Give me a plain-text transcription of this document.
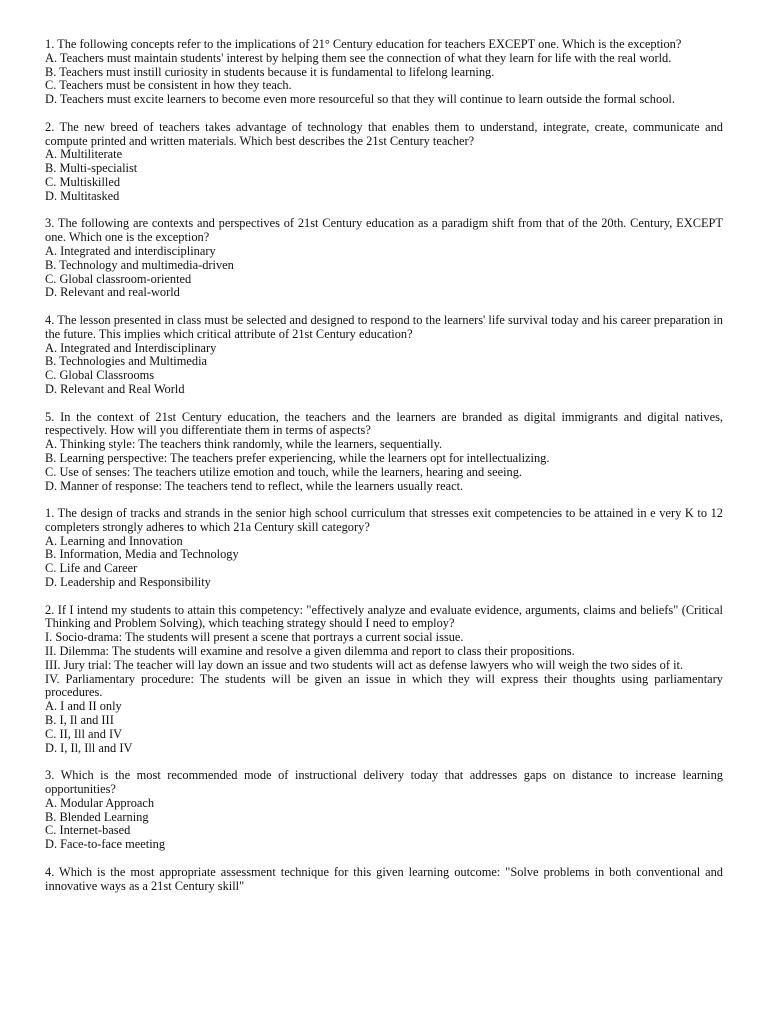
1. The following concepts refer to the implications of 21° Century education for teachers EXCEPT one. Which is the exception?
A. Teachers must maintain students' interest by helping them see the connection of what they learn for life with the real world.
B. Teachers must instill curiosity in students because it is fundamental to lifelong learning.
C. Teachers must be consistent in how they teach.
D. Teachers must excite learners to become even more resourceful so that they will continue to learn outside the formal school.
2. The new breed of teachers takes advantage of technology that enables them to understand, integrate, create, communicate and compute printed and written materials. Which best describes the 21st Century teacher?
A. Multiliterate
B. Multi-specialist
C. Multiskilled
D. Multitasked
3. The following are contexts and perspectives of 21st Century education as a paradigm shift from that of the 20th. Century, EXCEPT one. Which one is the exception?
A. Integrated and interdisciplinary
B. Technology and multimedia-driven
C. Global classroom-oriented
D. Relevant and real-world
4. The lesson presented in class must be selected and designed to respond to the learners' life survival today and his career preparation in the future. This implies which critical attribute of 21st Century education?
A. Integrated and Interdisciplinary
B. Technologies and Multimedia
C. Global Classrooms
D. Relevant and Real World
5. In the context of 21st Century education, the teachers and the learners are branded as digital immigrants and digital natives, respectively. How will you differentiate them in terms of aspects?
A. Thinking style: The teachers think randomly, while the learners, sequentially.
B. Learning perspective: The teachers prefer experiencing, while the learners opt for intellectualizing.
C. Use of senses: The teachers utilize emotion and touch, while the learners, hearing and seeing.
D. Manner of response: The teachers tend to reflect, while the learners usually react.
1. The design of tracks and strands in the senior high school curriculum that stresses exit competencies to be attained in e very K to 12 completers strongly adheres to which 21a Century skill category?
A. Learning and Innovation
B. Information, Media and Technology
C. Life and Career
D. Leadership and Responsibility
2. If I intend my students to attain this competency: "effectively analyze and evaluate evidence, arguments, claims and beliefs" (Critical Thinking and Problem Solving), which teaching strategy should I need to employ?
I. Socio-drama: The students will present a scene that portrays a current social issue.
II. Dilemma: The students will examine and resolve a given dilemma and report to class their propositions.
III. Jury trial: The teacher will lay down an issue and two students will act as defense lawyers who will weigh the two sides of it.
IV. Parliamentary procedure: The students will be given an issue in which they will express their thoughts using parliamentary procedures.
A. I and II only
B. I, Il and III
C. II, Ill and IV
D. I, Il, Ill and IV
3. Which is the most recommended mode of instructional delivery today that addresses gaps on distance to increase learning opportunities?
A. Modular Approach
B. Blended Learning
C. Internet-based
D. Face-to-face meeting
4. Which is the most appropriate assessment technique for this given learning outcome: "Solve problems in both conventional and innovative ways as a 21st Century skill"
